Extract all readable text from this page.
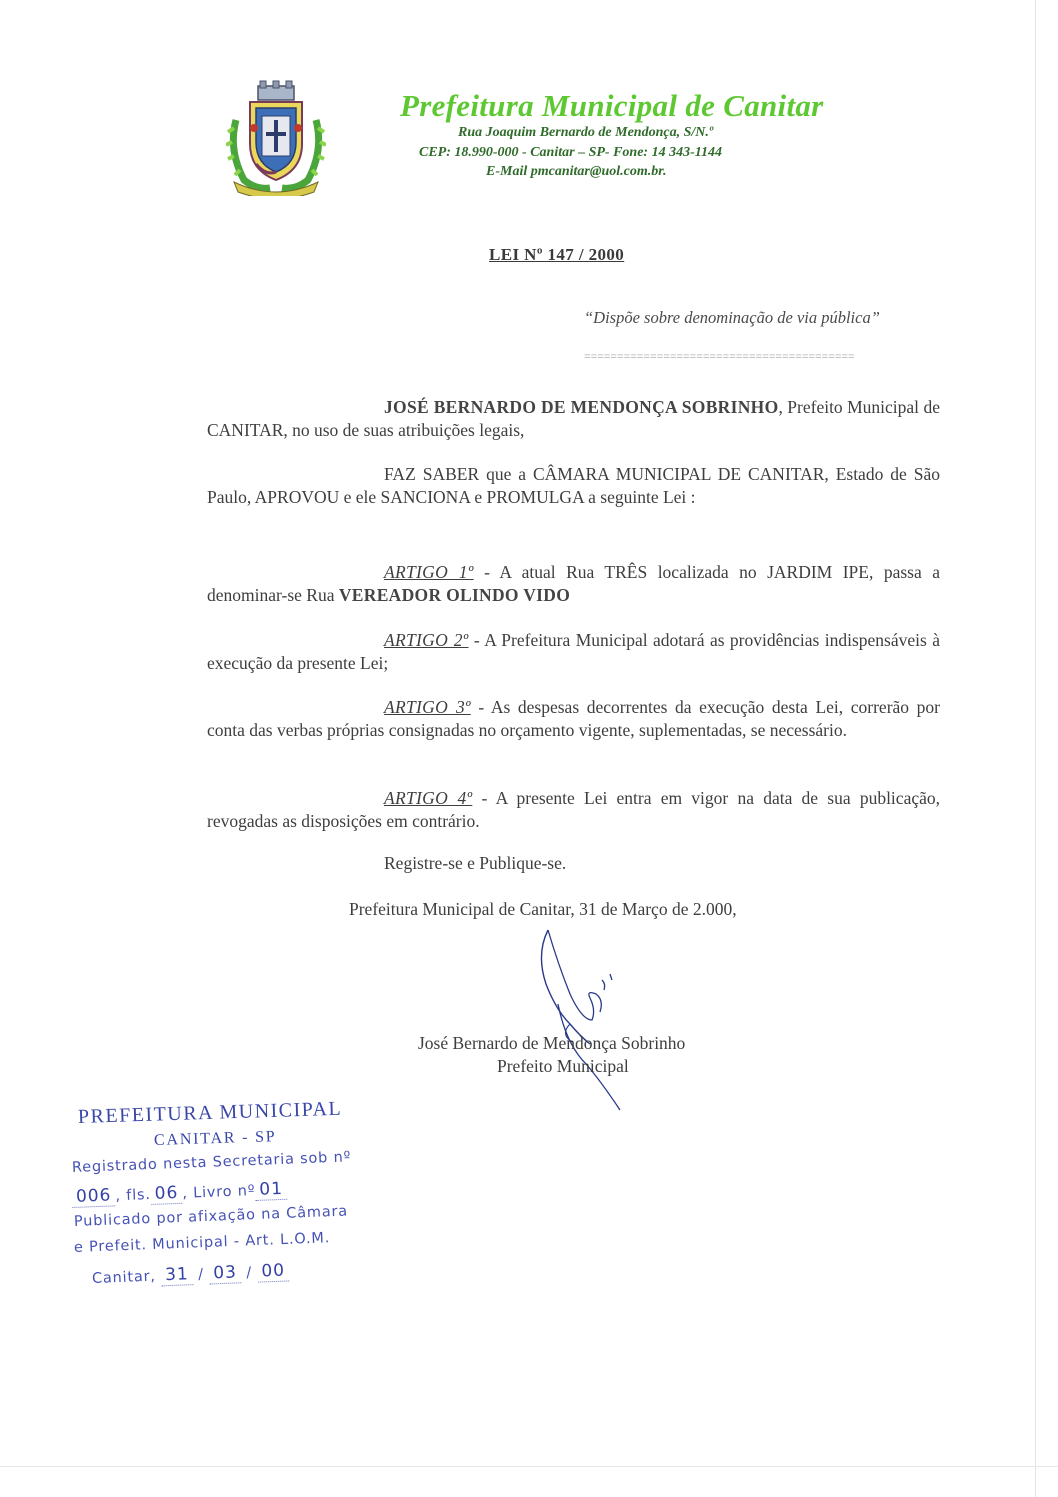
Prefeitura Municipal de Canitar
Rua Joaquim Bernardo de Mendonça, S/N.º
CEP: 18.990-000 - Canitar – SP- Fone: 14 343-1144
E-Mail pmcanitar@uol.com.br.
LEI Nº 147 / 2000
“Dispõe sobre denominação de via pública”
=========================================
JOSÉ BERNARDO DE MENDONÇA SOBRINHO, Prefeito Municipal de CANITAR, no uso de suas atribuições legais,
FAZ SABER que a CÂMARA MUNICIPAL DE CANITAR, Estado de São Paulo, APROVOU e ele SANCIONA e PROMULGA a seguinte Lei :
ARTIGO 1º - A atual Rua TRÊS localizada no JARDIM IPE, passa a denominar-se Rua VEREADOR OLINDO VIDO
ARTIGO 2º - A Prefeitura Municipal adotará as providências indispensáveis à execução da presente Lei;
ARTIGO 3º - As despesas decorrentes da execução desta Lei, correrão por conta das verbas próprias consignadas no orçamento vigente, suplementadas, se necessário.
ARTIGO 4º - A presente Lei entra em vigor na data de sua publicação, revogadas as disposições em contrário.
Registre-se e Publique-se.
Prefeitura Municipal de Canitar, 31 de Março de 2.000,
José Bernardo de Mendonça Sobrinho
Prefeito Municipal
PREFEITURA MUNICIPAL
CANITAR - SP
Registrado nesta Secretaria sob nº
006 , fls. 06 , Livro nº 01
Publicado por afixação na Câmara
e Prefeit. Municipal - Art. L.O.M.
Canitar, 31 / 03 / 00
